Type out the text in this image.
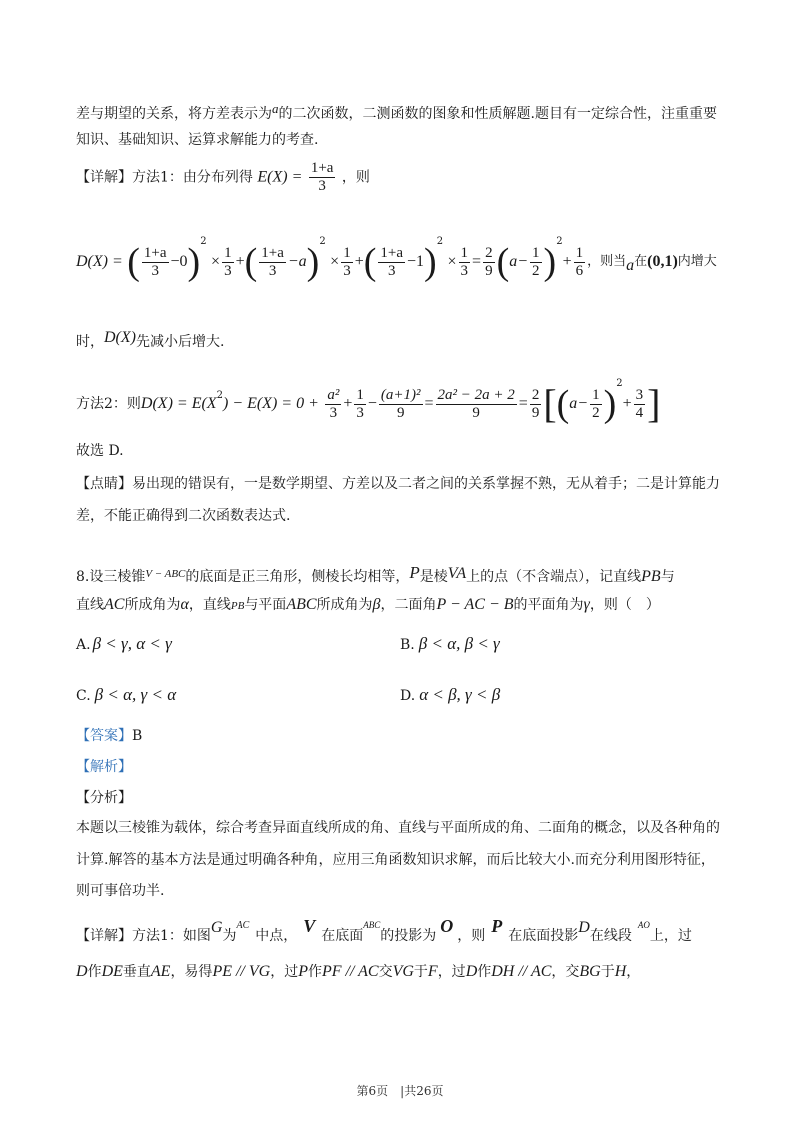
差与期望的关系，将方差表示为a的二次函数，二测函数的图象和性质解题.题目有一定综合性，注重重要
知识、基础知识、运算求解能力的考查.
【详解】方法1：由分布列得 $E(X) = \frac{1+a}{3}$ ，则
D(X) = ( $\frac{1+a}{3} -0)^2 \times \frac{1}{3}$ +( $\frac{1+a}{3} -a)^2 \times \frac{1}{3}$ +( $\frac{1+a}{3} -1)^2 \times \frac{1}{3} = \frac{2}{9} (a- \frac{1}{2} )^2+ \frac{1}{6}$ ，则当a在(0,1)内增大
时，D(X)先减小后增大.
方法2：则$D(X) = E(X^2) - E(X) = 0 + \frac{\text{a²}}{3} + \frac{1}{3} - \frac{\text{(a+1)²}}{9} = \frac{\text{2a² − 2a + 2}}{9} = \frac{2}{9} [(a- \frac{1}{2} )^2+ \frac{3}{4}$ ]
故选 D.
【点睛】易出现的错误有，一是数学期望、方差以及二者之间的关系掌握不熟，无从着手；二是计算能力
差，不能正确得到二次函数表达式.
8.设三棱锥$^{V - ABC}$的底面是正三角形，侧棱长均相等，P是棱VA上的点（不含端点），记直线PB与
直线AC所成角为α，直线PB与平面ABC所成角为β，二面角P − AC − B的平面角为γ，则（　）
A. β < γ, α < γ	B. β < α, β < γ
C. β < α, γ < α	D. α < β, γ < β
【答案】B
【解析】
【分析】
本题以三棱锥为载体，综合考查异面直线所成的角、直线与平面所成的角、二面角的概念，以及各种角的
计算.解答的基本方法是通过明确各种角，应用三角函数知识求解，而后比较大小.而充分利用图形特征，
则可事倍功半.
【详解】方法1：如图G为$^{AC}$中点， V 在底面$^{ABC}$的投影为 O ，则 P 在底面投影D在线段$^{AO}$上，过
D作DE垂直AE，易得PE // VG，过P作PF // AC交VG于F，过D作DH // AC，交BG于H，
第6页　|共26页
